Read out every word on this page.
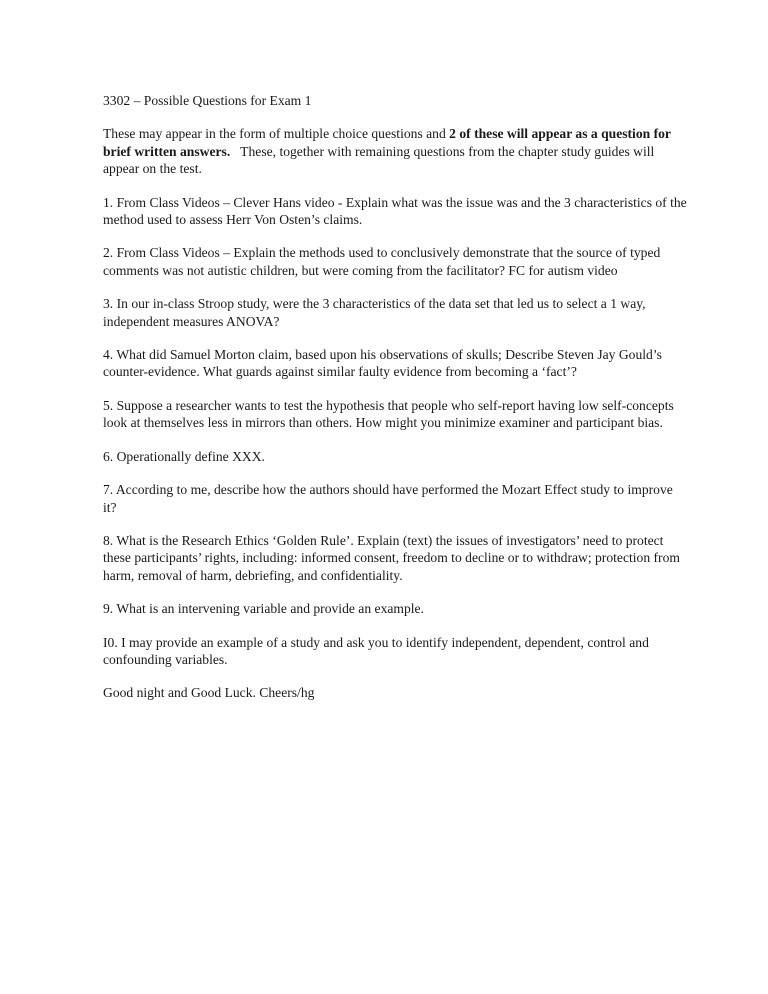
3302 – Possible Questions for Exam 1

These may appear in the form of multiple choice questions and 2 of these will appear as a question for brief written answers.   These, together with remaining questions from the chapter study guides will appear on the test.

1. From Class Videos – Clever Hans video - Explain what was the issue was and the 3 characteristics of the method used to assess Herr Von Osten’s claims.

2. From Class Videos – Explain the methods used to conclusively demonstrate that the source of typed comments was not autistic children, but were coming from the facilitator? FC for autism video

3. In our in-class Stroop study, were the 3 characteristics of the data set that led us to select a 1 way, independent measures ANOVA?

4. What did Samuel Morton claim, based upon his observations of skulls; Describe Steven Jay Gould’s counter-evidence. What guards against similar faulty evidence from becoming a ‘fact’?

5. Suppose a researcher wants to test the hypothesis that people who self-report having low self-concepts look at themselves less in mirrors than others. How might you minimize examiner and participant bias.

6. Operationally define XXX.

7. According to me, describe how the authors should have performed the Mozart Effect study to improve it?

8. What is the Research Ethics ‘Golden Rule’. Explain (text) the issues of investigators’ need to protect these participants’ rights, including: informed consent, freedom to decline or to withdraw; protection from harm, removal of harm, debriefing, and confidentiality.

9. What is an intervening variable and provide an example.

I0. I may provide an example of a study and ask you to identify independent, dependent, control and confounding variables.

Good night and Good Luck. Cheers/hg
